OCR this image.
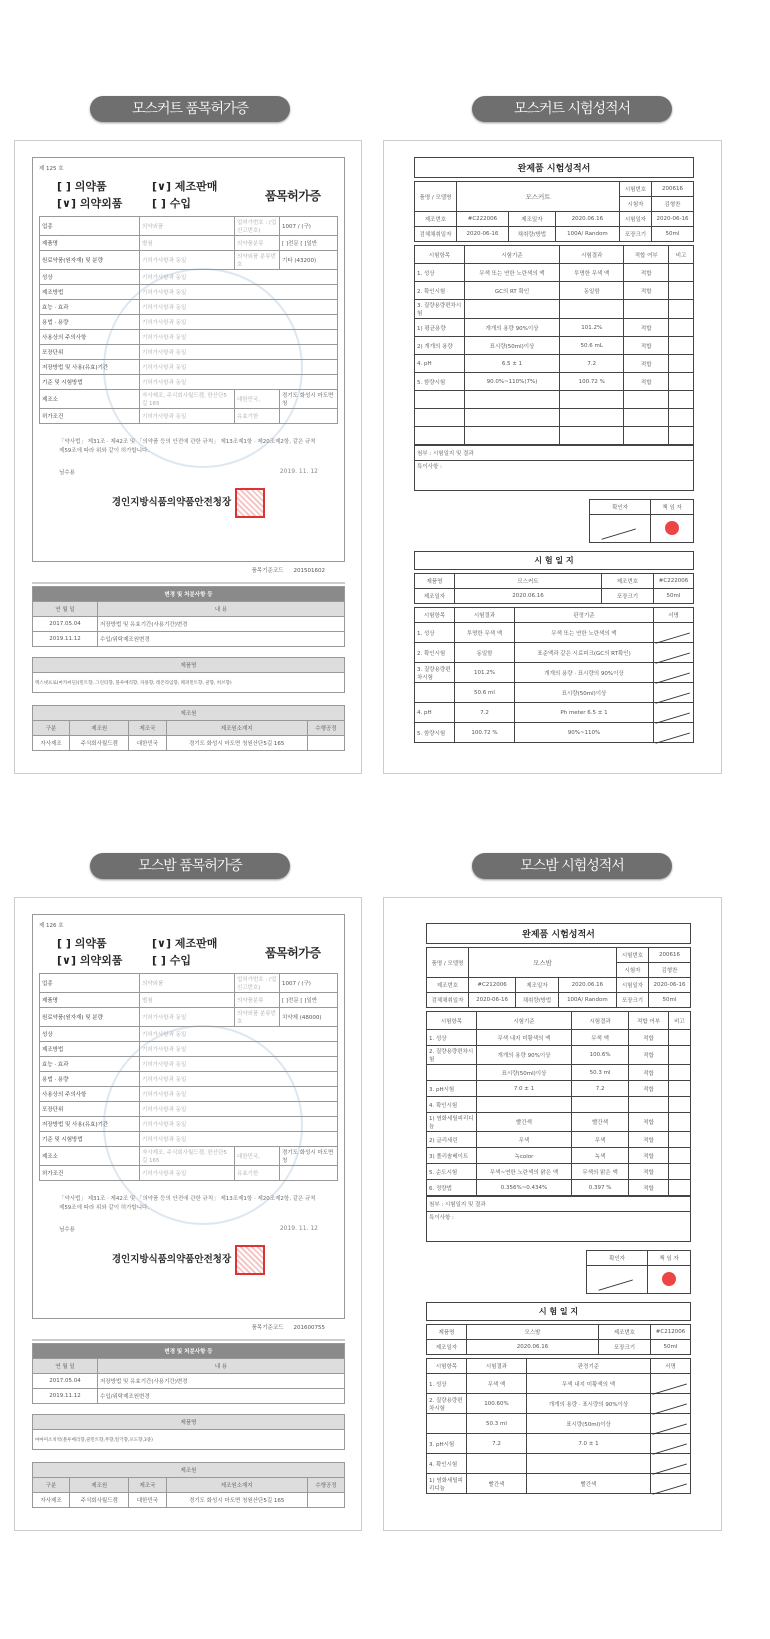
모스커트 품목허가증	모스커트 시험성적서
모스밤 품목허가증	모스밤 시험성적서
제 125 호
[ ] 의약품	[∨] 제조판매
[∨] 의약외품	[ ] 수입
품목허가증
업종	의약외품	업허가번호 : (업신고번호)	1007 / (구)
제품명	별첨	의약품분류	[ ]전문 [ ]일반
원료약품(원자재) 및 분량	기허가사항과 동일	의약외품 분류번호	기타 (43200)
성상	기허가사항과 동일		
제조방법	기허가사항과 동일		
효능 · 효과	기허가사항과 동일		
용법 · 용량	기허가사항과 동일		
사용상의 주의사항	기허가사항과 동일		
포장단위	기허가사항과 동일		
저장방법 및 사용(유효)기간	기허가사항과 동일		
기준 및 시험방법	기허가사항과 동일		
제조소	자사제조, 주식회사월드켐, 한산단5길 165	대한민국,	경기도 화성시 마도면 청
허가조건	기허가사항과 동일	유효기한	
「약사법」 제31조 · 제42조 및 「의약품 등의 안전에 관한 규칙」 제13조제1항 · 제20조제2항, 같은 규칙 제59조에 따라 위와 같이 허가합니다.
님수용	2019. 11. 12
경인지방식품의약품안전청장
품목기준코드 201501602
변경 및 처분사항 등	
연 월 일	내 용
2017.05.04	저장방법 및 유효기간(사용기간)변경
2019.11.12	수입/위탁제조원변경
제품명
맥스넷프로(마카씨딘)(민트향, 그린티향, 블루베리향, 자몽향, 레몬라임향, 페퍼민트향, 쿨향, 허브향)
제조원				
구분	제조원	제조국	제조원소재지	수행공정
자사제조	주식회사월드켐	대한민국	경기도 화성시 마도면 청원산단5길 165	
완제품 시험성적서
품명 / 모델명	모스커트			시험번호	200616
				시험자	김형찬
제조번호	#C222006	제조일자	2020.06.16	시험일자	2020-06-16
검체채취일자	2020-06-16	채취량/방법	100A/ Random	포장크기	50ml
시험항목	시험기준	시험결과	적합 여부	비고
1. 성상	무색 또는 연한 노란색의 액	투명한 무색 액	적합	
2. 확인시험	GC의 RT 확인	동일함	적합	
3. 질량용량편차시험				
1) 평균용량	개개의 용량 90%이상	101.2%	적합	
2) 개개의 용량	표시량(50ml)이상	50.6 mL	적합	
4. pH	6.5 ± 1	7.2	적합	
5. 함량시험	90.0%~110%(7%)	100.72 %	적합	

첨부 : 시험일지 및 결과
특이사항 :
확인자	책 임 자

시 험 일 지
제품명	모스커트	제조번호	#C222006
제조일자	2020.06.16	포장크기	50ml
시험항목	시험결과	판정기준	서명
1. 성상	투명한 무색 액	무색 또는 연한 노란색의 액	
2. 확인시험	동일함	표준액과 같은 시료피크(GC의 RT확인)	
3. 질량용량편차시험	101.2%	개개의 용량 · 표시량의 90%이상	
	50.6 ml	표시량(50ml)이상	
4. pH	7.2	Ph meter 6.5 ± 1	
5. 함량시험	100.72 %	90%~110%	
제 126 호
[ ] 의약품	[∨] 제조판매
[∨] 의약외품	[ ] 수입
품목허가증
업종	의약외품	업허가번호 : (업신고번호)	1007 / (구)
제품명	별첨	의약품분류	[ ]전문 [ ]일반
원료약품(원자재) 및 분량	기허가사항과 동일	의약외품 분류번호	치약제 (48000)
성상	기허가사항과 동일		
제조방법	기허가사항과 동일		
효능 · 효과	기허가사항과 동일		
용법 · 용량	기허가사항과 동일		
사용상의 주의사항	기허가사항과 동일		
포장단위	기허가사항과 동일		
저장방법 및 사용(유효)기간	기허가사항과 동일		
기준 및 시험방법	기허가사항과 동일		
제조소	자사제조, 주식회사월드켐, 한산단5길 165	대한민국,	경기도 화성시 마도면 청
허가조건	기허가사항과 동일	유효기한	
「약사법」 제31조 · 제42조 및 「의약품 등의 안전에 관한 규칙」 제13조제1항 · 제20조제2항, 같은 규칙 제59조에 따라 위와 같이 허가합니다.
님수용	2019. 11. 12
경인지방식품의약품안전청장
품목기준코드 201600755
변경 및 처분사항 등	
연 월 일	내 용
2017.05.04	저장방법 및 유효기간(사용기간)변경
2019.11.12	수입/위탁제조원변경
제품명
마마미소치약(블루베리향,쿨민트향,무향,딸기향,포도향,3종)
제조원				
구분	제조원	제조국	제조원소재지	수행공정
자사제조	주식회사월드켐	대한민국	경기도 화성시 마도면 청원산단5길 165	
완제품 시험성적서
품명 / 모델명	모스밤			시험번호	200616
				시험자	김형찬
제조번호	#C212006	제조일자	2020.06.16	시험일자	2020-06-16
검체채취일자	2020-06-16	채취량/방법	100A/ Random	포장크기	50ml
시험항목	시험기준	시험결과	적합 여부	비고
1. 성상	무색 내지 미황색의 액	무색 액	적합	
2. 질량용량편차시험	개개의 용량 90%이상	100.6%	적합	
	표시량(50ml)이상	50.3 ml	적합	
3. pH시험	7.0 ± 1	7.2	적합	
4. 확인시험				
1) 염화세틸피리디늄	빨간색	빨간색	적합	
2) 글리세린	무색	무색	적합	
3) 폴리솔베이트	녹color	녹색	적합	
5. 순도시험	무색~연한 노란색의 맑은 액	무색의 맑은 액	적합	
6. 정량법	0.356%~0.434%	0.397 %	적합	
첨부 : 시험일지 및 결과
특이사항 :
확인자	책 임 자

시 험 일 지
제품명	모스밤	제조번호	#C212006
제조일자	2020.06.16	포장크기	50ml
시험항목	시험결과	판정기준	서명
1. 성상	무색 액	무색 내지 미황색의 액	
2. 질량용량편차시험	100.60%	개개의 용량 · 표시량의 90%이상	
	50.3 ml	표시량(50ml)이상	
3. pH시험	7.2	7.0 ± 1	
4. 확인시험			
1) 염화세틸피리디늄	빨간색	빨간색	
